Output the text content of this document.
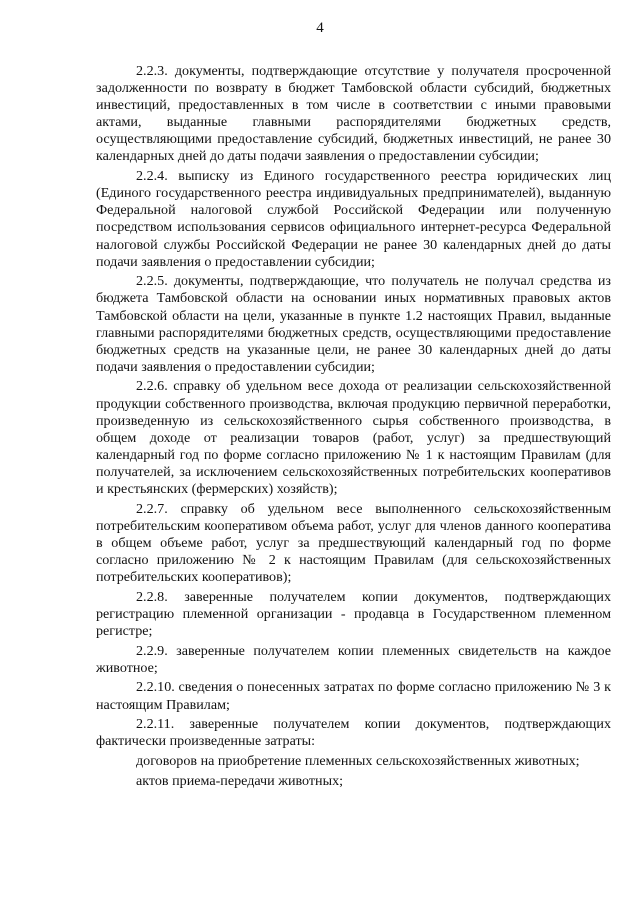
4

2.2.3. документы, подтверждающие отсутствие у получателя просроченной задолженности по возврату в бюджет Тамбовской области субсидий, бюджетных инвестиций, предоставленных в том числе в соответствии с иными правовыми актами, выданные главными распорядителями бюджетных средств, осуществляющими предоставление субсидий, бюджетных инвестиций, не ранее 30 календарных дней до даты подачи заявления о предоставлении субсидии;

2.2.4. выписку из Единого государственного реестра юридических лиц (Единого государственного реестра индивидуальных предпринимателей), выданную Федеральной налоговой службой Российской Федерации или полученную посредством использования сервисов официального интернет-ресурса Федеральной налоговой службы Российской Федерации не ранее 30 календарных дней до даты подачи заявления о предоставлении субсидии;

2.2.5. документы, подтверждающие, что получатель не получал средства из бюджета Тамбовской области на основании иных нормативных правовых актов Тамбовской области на цели, указанные в пункте 1.2 настоящих Правил, выданные главными распорядителями бюджетных средств, осуществляющими предоставление бюджетных средств на указанные цели, не ранее 30 календарных дней до даты подачи заявления о предоставлении субсидии;

2.2.6. справку об удельном весе дохода от реализации сельскохозяйственной продукции собственного производства, включая продукцию первичной переработки, произведенную из сельскохозяйственного сырья собственного производства, в общем доходе от реализации товаров (работ, услуг) за предшествующий календарный год по форме согласно приложению № 1 к настоящим Правилам (для получателей, за исключением сельскохозяйственных потребительских кооперативов и крестьянских (фермерских) хозяйств);

2.2.7. справку об удельном весе выполненного сельскохозяйственным потребительским кооперативом объема работ, услуг для членов данного кооператива в общем объеме работ, услуг за предшествующий календарный год по форме согласно приложению № 2 к настоящим Правилам (для сельскохозяйственных потребительских кооперативов);

2.2.8. заверенные получателем копии документов, подтверждающих регистрацию племенной организации - продавца в Государственном племенном регистре;

2.2.9. заверенные получателем копии племенных свидетельств на каждое животное;

2.2.10. сведения о понесенных затратах по форме согласно приложению № 3 к настоящим Правилам;

2.2.11. заверенные получателем копии документов, подтверждающих фактически произведенные затраты:

договоров на приобретение племенных сельскохозяйственных животных;

актов приема-передачи животных;
